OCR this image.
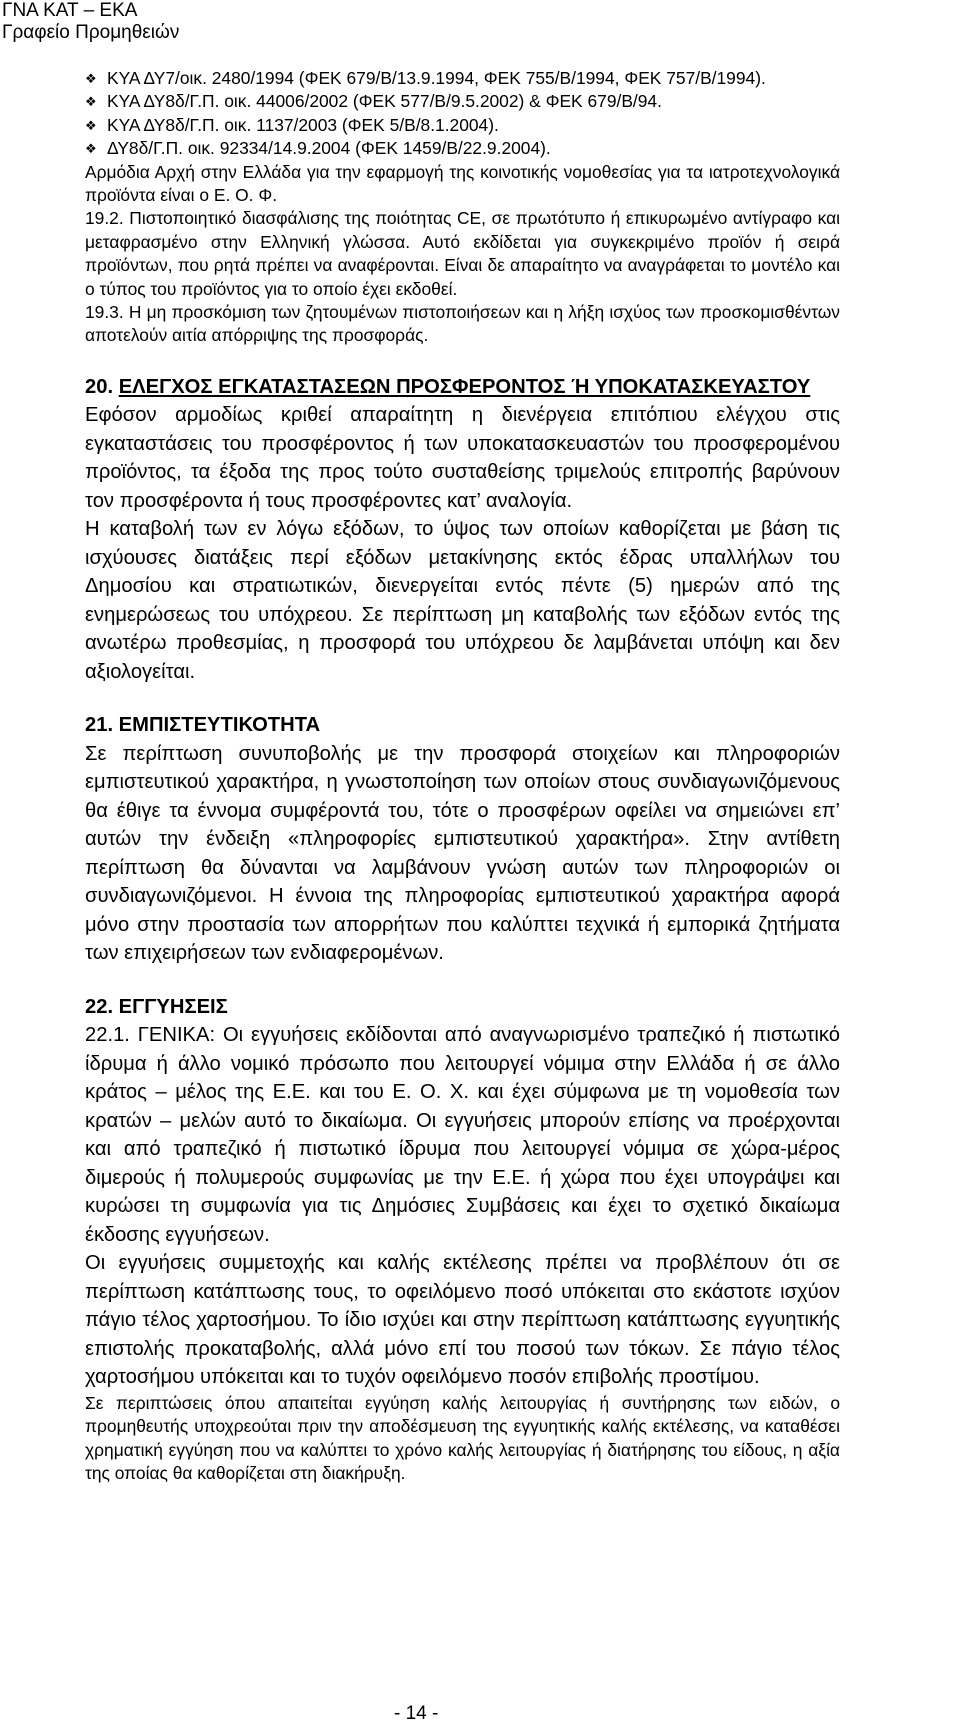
ΓΝΑ ΚΑΤ – ΕΚΑ
Γραφείο Προμηθειών
❖ ΚΥΑ ΔΥ7/οικ. 2480/1994 (ΦΕΚ 679/Β/13.9.1994, ΦΕΚ 755/Β/1994, ΦΕΚ 757/Β/1994).
❖ ΚΥΑ ΔΥ8δ/Γ.Π. οικ. 44006/2002 (ΦΕΚ 577/Β/9.5.2002) & ΦΕΚ 679/Β/94.
❖ ΚΥΑ ΔΥ8δ/Γ.Π. οικ. 1137/2003 (ΦΕΚ 5/Β/8.1.2004).
❖ ΔΥ8δ/Γ.Π. οικ. 92334/14.9.2004 (ΦΕΚ 1459/Β/22.9.2004).
Αρμόδια Αρχή στην Ελλάδα για την εφαρμογή της κοινοτικής νομοθεσίας για τα ιατροτεχνολογικά προϊόντα είναι ο Ε. Ο. Φ.
19.2. Πιστοποιητικό διασφάλισης της ποιότητας CE, σε πρωτότυπο ή επικυρωμένο αντίγραφο και μεταφρασμένο στην Ελληνική γλώσσα. Αυτό εκδίδεται για συγκεκριμένο προϊόν ή σειρά προϊόντων, που ρητά πρέπει να αναφέρονται. Είναι δε απαραίτητο να αναγράφεται το μοντέλο και ο τύπος του προϊόντος για το οποίο έχει εκδοθεί.
19.3. Η μη προσκόμιση των ζητουμένων πιστοποιήσεων και η λήξη ισχύος των προσκομισθέντων αποτελούν αιτία απόρριψης της προσφοράς.
20. ΕΛΕΓΧΟΣ ΕΓΚΑΤΑΣΤΑΣΕΩΝ ΠΡΟΣΦΕΡΟΝΤΟΣ Ή ΥΠΟΚΑΤΑΣΚΕΥΑΣΤΟΥ
Εφόσον αρμοδίως κριθεί απαραίτητη η διενέργεια επιτόπιου ελέγχου στις εγκαταστάσεις του προσφέροντος ή των υποκατασκευαστών του προσφερομένου προϊόντος, τα έξοδα της προς τούτο συσταθείσης τριμελούς επιτροπής βαρύνουν τον προσφέροντα ή τους προσφέροντες κατ’ αναλογία.
Η καταβολή των εν λόγω εξόδων, το ύψος των οποίων καθορίζεται με βάση τις ισχύουσες διατάξεις περί εξόδων μετακίνησης εκτός έδρας υπαλλήλων του Δημοσίου και στρατιωτικών, διενεργείται εντός πέντε (5) ημερών από της ενημερώσεως του υπόχρεου. Σε περίπτωση μη καταβολής των εξόδων εντός της ανωτέρω προθεσμίας, η προσφορά του υπόχρεου δε λαμβάνεται υπόψη και δεν αξιολογείται.
21. ΕΜΠΙΣΤΕΥΤΙΚΟΤΗΤΑ
Σε περίπτωση συνυποβολής με την προσφορά στοιχείων και πληροφοριών εμπιστευτικού χαρακτήρα, η γνωστοποίηση των οποίων στους συνδιαγωνιζόμενους θα έθιγε τα έννομα συμφέροντά του, τότε ο προσφέρων οφείλει να σημειώνει επ’ αυτών την ένδειξη «πληροφορίες εμπιστευτικού χαρακτήρα». Στην αντίθετη περίπτωση θα δύνανται να λαμβάνουν γνώση αυτών των πληροφοριών οι συνδιαγωνιζόμενοι. Η έννοια της πληροφορίας εμπιστευτικού χαρακτήρα αφορά μόνο στην προστασία των απορρήτων που καλύπτει τεχνικά ή εμπορικά ζητήματα των επιχειρήσεων των ενδιαφερομένων.
22. ΕΓΓΥΗΣΕΙΣ
22.1. ΓΕΝΙΚΑ: Οι εγγυήσεις εκδίδονται από αναγνωρισμένο τραπεζικό ή πιστωτικό ίδρυμα ή άλλο νομικό πρόσωπο που λειτουργεί νόμιμα στην Ελλάδα ή σε άλλο κράτος – μέλος της Ε.Ε. και του Ε. Ο. Χ. και έχει σύμφωνα με τη νομοθεσία των κρατών – μελών αυτό το δικαίωμα. Οι εγγυήσεις μπορούν επίσης να προέρχονται και από τραπεζικό ή πιστωτικό ίδρυμα που λειτουργεί νόμιμα σε χώρα-μέρος διμερούς ή πολυμερούς συμφωνίας με την Ε.Ε. ή χώρα που έχει υπογράψει και κυρώσει τη συμφωνία για τις Δημόσιες Συμβάσεις και έχει το σχετικό δικαίωμα έκδοσης εγγυήσεων.
Οι εγγυήσεις συμμετοχής και καλής εκτέλεσης πρέπει να προβλέπουν ότι σε περίπτωση κατάπτωσης τους, το οφειλόμενο ποσό υπόκειται στο εκάστοτε ισχύον πάγιο τέλος χαρτοσήμου. Το ίδιο ισχύει και στην περίπτωση κατάπτωσης εγγυητικής επιστολής προκαταβολής, αλλά μόνο επί του ποσού των τόκων. Σε πάγιο τέλος χαρτοσήμου υπόκειται και το τυχόν οφειλόμενο ποσόν επιβολής προστίμου.
Σε περιπτώσεις όπου απαιτείται εγγύηση καλής λειτουργίας ή συντήρησης των ειδών, ο προμηθευτής υποχρεούται πριν την αποδέσμευση της εγγυητικής καλής εκτέλεσης, να καταθέσει χρηματική εγγύηση που να καλύπτει το χρόνο καλής λειτουργίας ή διατήρησης του είδους, η αξία της οποίας θα καθορίζεται στη διακήρυξη.
- 14 -
